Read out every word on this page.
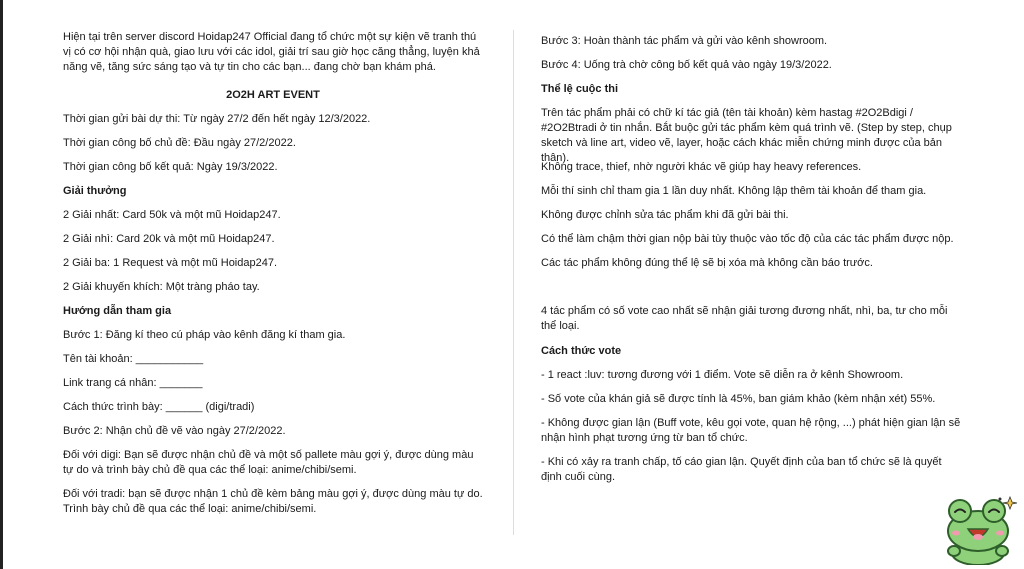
Hiện tại trên server discord Hoidap247 Official đang tổ chức một sự kiện vẽ tranh thú vị có cơ hội nhận quà, giao lưu với các idol, giải trí sau giờ học căng thẳng, luyện khả năng vẽ, tăng sức sáng tạo và tự tin cho các bạn... đang chờ bạn khám phá.

2O2H ART EVENT

Thời gian gửi bài dự thi: Từ ngày 27/2 đến hết ngày 12/3/2022.

Thời gian công bố chủ đề: Đầu ngày 27/2/2022.

Thời gian công bố kết quả: Ngày 19/3/2022.

Giải thưởng

2 Giải nhất: Card 50k và một mũ Hoidap247.

2 Giải nhì: Card 20k và một mũ Hoidap247.

2 Giải ba: 1 Request và một mũ Hoidap247.

2 Giải khuyến khích: Một tràng pháo tay.

Hướng dẫn tham gia

Bước 1: Đăng kí theo cú pháp vào kênh đăng kí tham gia.

Tên tài khoản: ___________

Link trang cá nhân: _______

Cách thức trình bày: ______ (digi/tradi)

Bước 2: Nhận chủ đề vẽ vào ngày 27/2/2022.

Đối với digi: Bạn sẽ được nhận chủ đề và một số pallete màu gợi ý, được dùng màu tự do và trình bày chủ đề qua các thể loại: anime/chibi/semi.

Đối với tradi: bạn sẽ được nhận 1 chủ đề kèm bảng màu gợi ý, được dùng màu tự do. Trình bày chủ đề qua các thể loại: anime/chibi/semi.

Bước 3: Hoàn thành tác phẩm và gửi vào kênh showroom.

Bước 4: Uống trà chờ công bố kết quả vào ngày 19/3/2022.

Thể lệ cuộc thi

Trên tác phẩm phải có chữ kí tác giả (tên tài khoản) kèm hastag #2O2Bdigi / #2O2Btradi ở tin nhắn. Bắt buộc gửi tác phẩm kèm quá trình vẽ. (Step by step, chụp sketch và line art, video vẽ, layer, hoặc cách khác miễn chứng minh được của bản thân).

Không trace, thief, nhờ người khác vẽ giúp hay heavy references.

Mỗi thí sinh chỉ tham gia 1 lần duy nhất. Không lập thêm tài khoản để tham gia.

Không được chỉnh sửa tác phẩm khi đã gửi bài thi.

Có thể làm chậm thời gian nộp bài tùy thuộc vào tốc độ của các tác phẩm được nộp.

Các tác phẩm không đúng thể lệ sẽ bị xóa mà không cần báo trước.

4 tác phẩm có số vote cao nhất sẽ nhận giải tương đương nhất, nhì, ba, tư cho mỗi thể loại.

Cách thức vote

- 1 react :luv: tương đương với 1 điểm. Vote sẽ diễn ra ở kênh Showroom.

- Số vote của khán giả sẽ được tính là 45%, ban giám khảo (kèm nhận xét) 55%.

- Không được gian lận (Buff vote, kêu gọi vote, quan hệ rộng, ...) phát hiện gian lận sẽ nhận hình phạt tương ứng từ ban tổ chức.

- Khi có xảy ra tranh chấp, tố cáo gian lận. Quyết định của ban tổ chức sẽ là quyết định cuối cùng.
